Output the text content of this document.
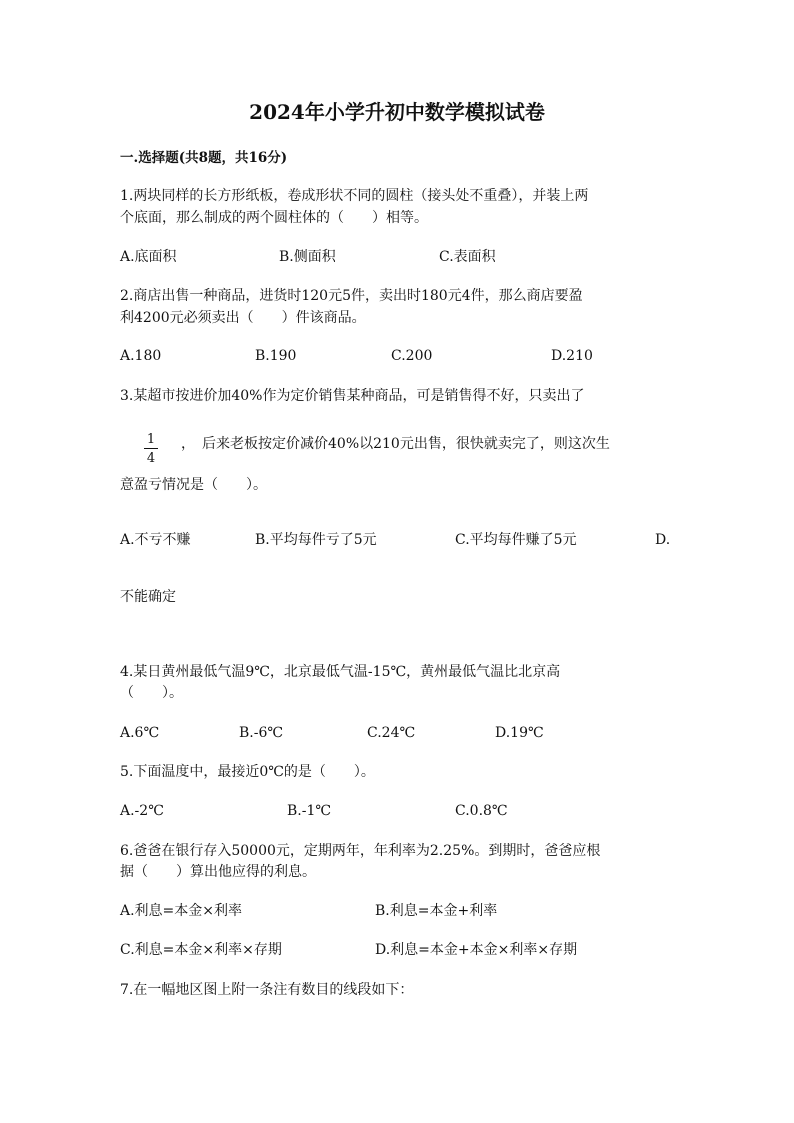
2024年小学升初中数学模拟试卷
一.选择题(共8题，共16分)
1.两块同样的长方形纸板，卷成形状不同的圆柱（接头处不重叠），并装上两
个底面，那么制成的两个圆柱体的（　　）相等。
A.底面积	B.侧面积	C.表面积
2.商店出售一种商品，进货时120元5件，卖出时180元4件，那么商店要盈
利4200元必须卖出（　　）件该商品。
A.180	B.190	C.200	D.210
3.某超市按进价加40%作为定价销售某种商品，可是销售得不好，只卖出了
1
4
，　后来老板按定价减价40%以210元出售，很快就卖完了，则这次生
意盈亏情况是（　　）。
A.不亏不赚	B.平均每件亏了5元	C.平均每件赚了5元	D.
不能确定
4.某日黄州最低气温9℃，北京最低气温-15℃，黄州最低气温比北京高
（　　）。
A.6℃	B.-6℃	C.24℃	D.19℃
5.下面温度中，最接近0℃的是（　　）。
A.-2℃	B.-1℃	C.0.8℃
6.爸爸在银行存入50000元，定期两年，年利率为2.25%。到期时，爸爸应根
据（　　）算出他应得的利息。
A.利息=本金×利率	B.利息=本金+利率
C.利息=本金×利率×存期	D.利息=本金+本金×利率×存期
7.在一幅地区图上附一条注有数目的线段如下：
